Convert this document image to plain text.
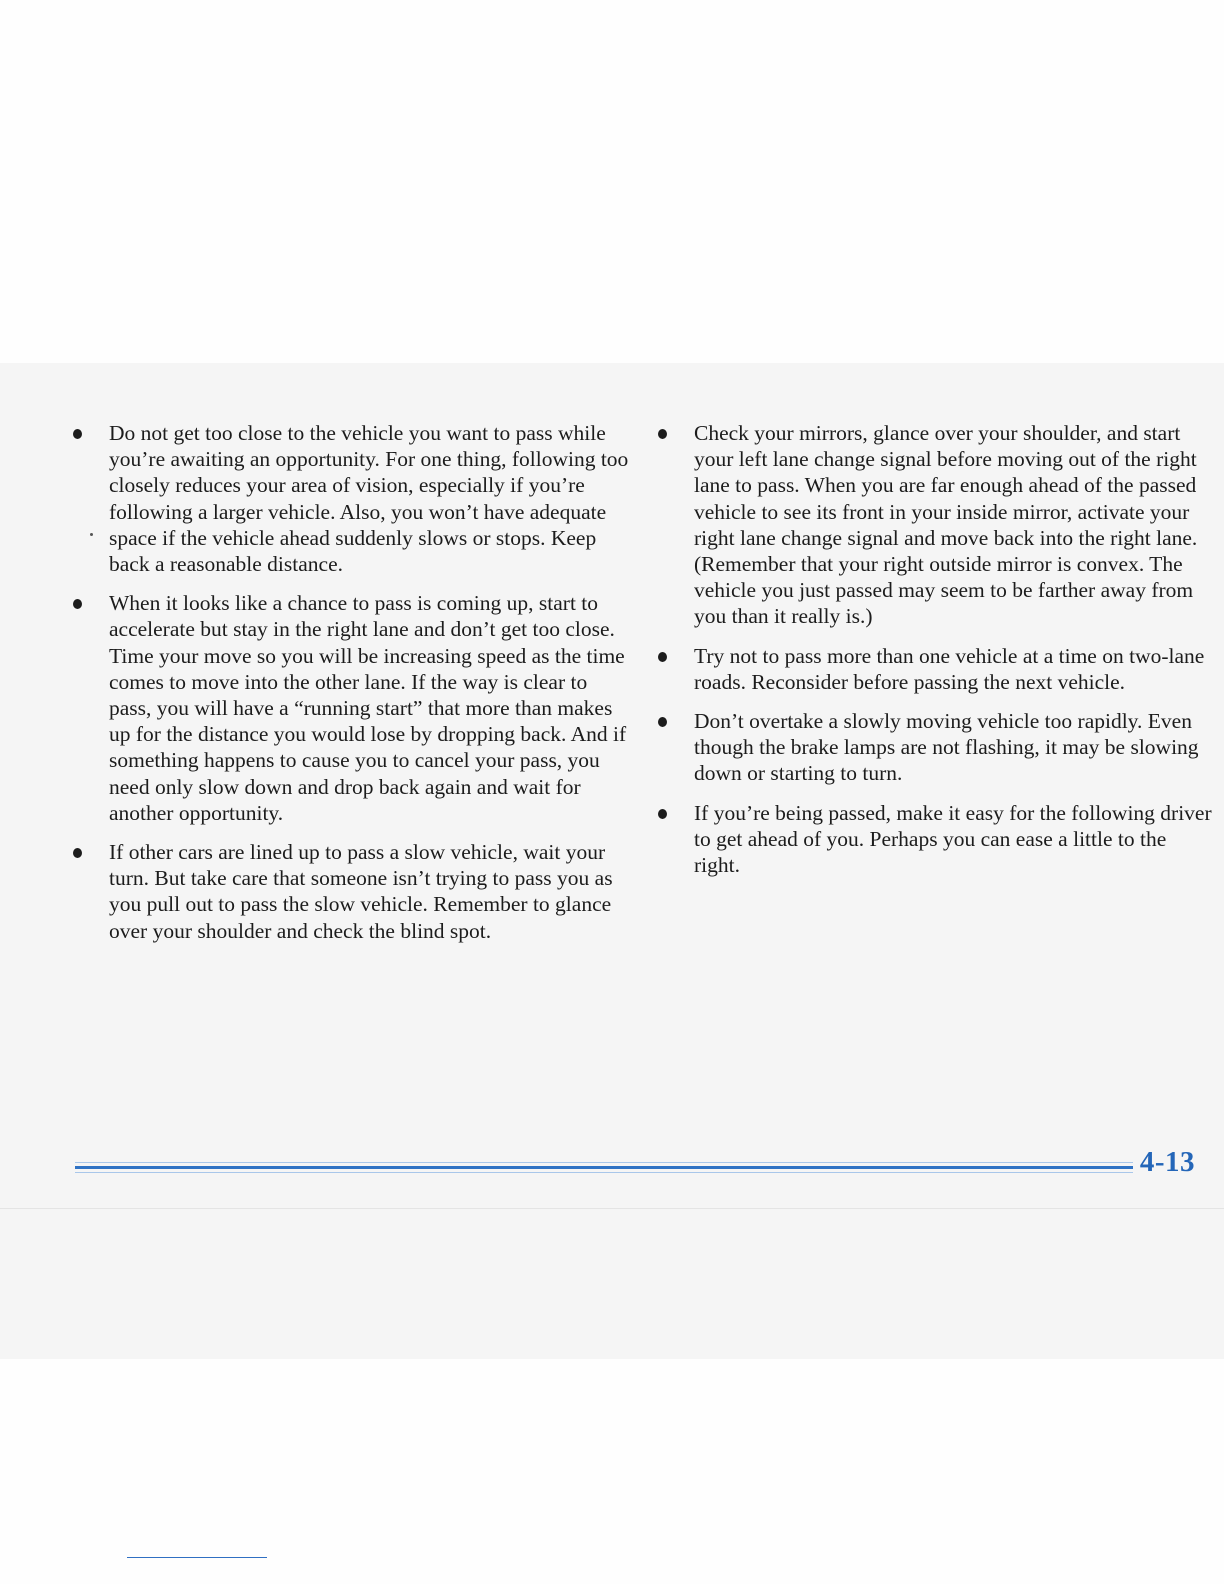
Do not get too close to the vehicle you want to pass while you’re awaiting an opportunity. For one thing, following too closely reduces your area of vision, especially if you’re following a larger vehicle. Also, you won’t have adequate space if the vehicle ahead suddenly slows or stops. Keep back a reasonable distance.
When it looks like a chance to pass is coming up, start to accelerate but stay in the right lane and don’t get too close. Time your move so you will be increasing speed as the time comes to move into the other lane. If the way is clear to pass, you will have a “running start” that more than makes up for the distance you would lose by dropping back. And if something happens to cause you to cancel your pass, you need only slow down and drop back again and wait for another opportunity.
If other cars are lined up to pass a slow vehicle, wait your turn. But take care that someone isn’t trying to pass you as you pull out to pass the slow vehicle. Remember to glance over your shoulder and check the blind spot.
Check your mirrors, glance over your shoulder, and start your left lane change signal before moving out of the right lane to pass. When you are far enough ahead of the passed vehicle to see its front in your inside mirror, activate your right lane change signal and move back into the right lane. (Remember that your right outside mirror is convex. The vehicle you just passed may seem to be farther away from you than it really is.)
Try not to pass more than one vehicle at a time on two-lane roads. Reconsider before passing the next vehicle.
Don’t overtake a slowly moving vehicle too rapidly. Even though the brake lamps are not flashing, it may be slowing down or starting to turn.
If you’re being passed, make it easy for the following driver to get ahead of you. Perhaps you can ease a little to the right.
4-13
